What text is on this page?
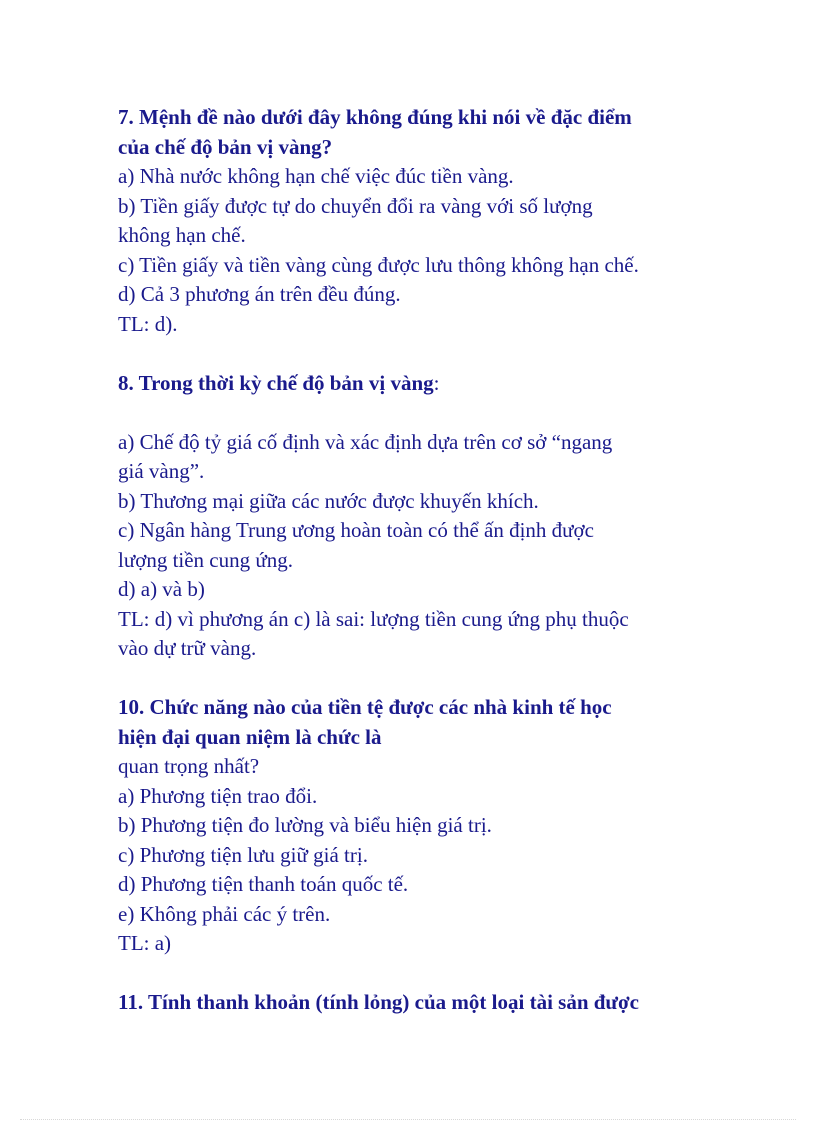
7. Mệnh đề nào dưới đây không đúng khi nói về đặc điểm
của chế độ bản vị vàng?
a) Nhà nước không hạn chế việc đúc tiền vàng.
b) Tiền giấy được tự do chuyển đổi ra vàng với số lượng
không hạn chế.
c) Tiền giấy và tiền vàng cùng được lưu thông không hạn chế.
d) Cả 3 phương án trên đều đúng.
TL: d).
8. Trong thời kỳ chế độ bản vị vàng:
a) Chế độ tỷ giá cố định và xác định dựa trên cơ sở “ngang
giá vàng”.
b) Thương mại giữa các nước được khuyến khích.
c) Ngân hàng Trung ương hoàn toàn có thể ấn định được
lượng tiền cung ứng.
d) a) và b)
TL: d) vì phương án c) là sai: lượng tiền cung ứng phụ thuộc
vào dự trữ vàng.
10. Chức năng nào của tiền tệ được các nhà kinh tế học
hiện đại quan niệm là chức là
quan trọng nhất?
a) Phương tiện trao đổi.
b) Phương tiện đo lường và biểu hiện giá trị.
c) Phương tiện lưu giữ giá trị.
d) Phương tiện thanh toán quốc tế.
e) Không phải các ý trên.
TL: a)
11. Tính thanh khoản (tính lỏng) của một loại tài sản được
